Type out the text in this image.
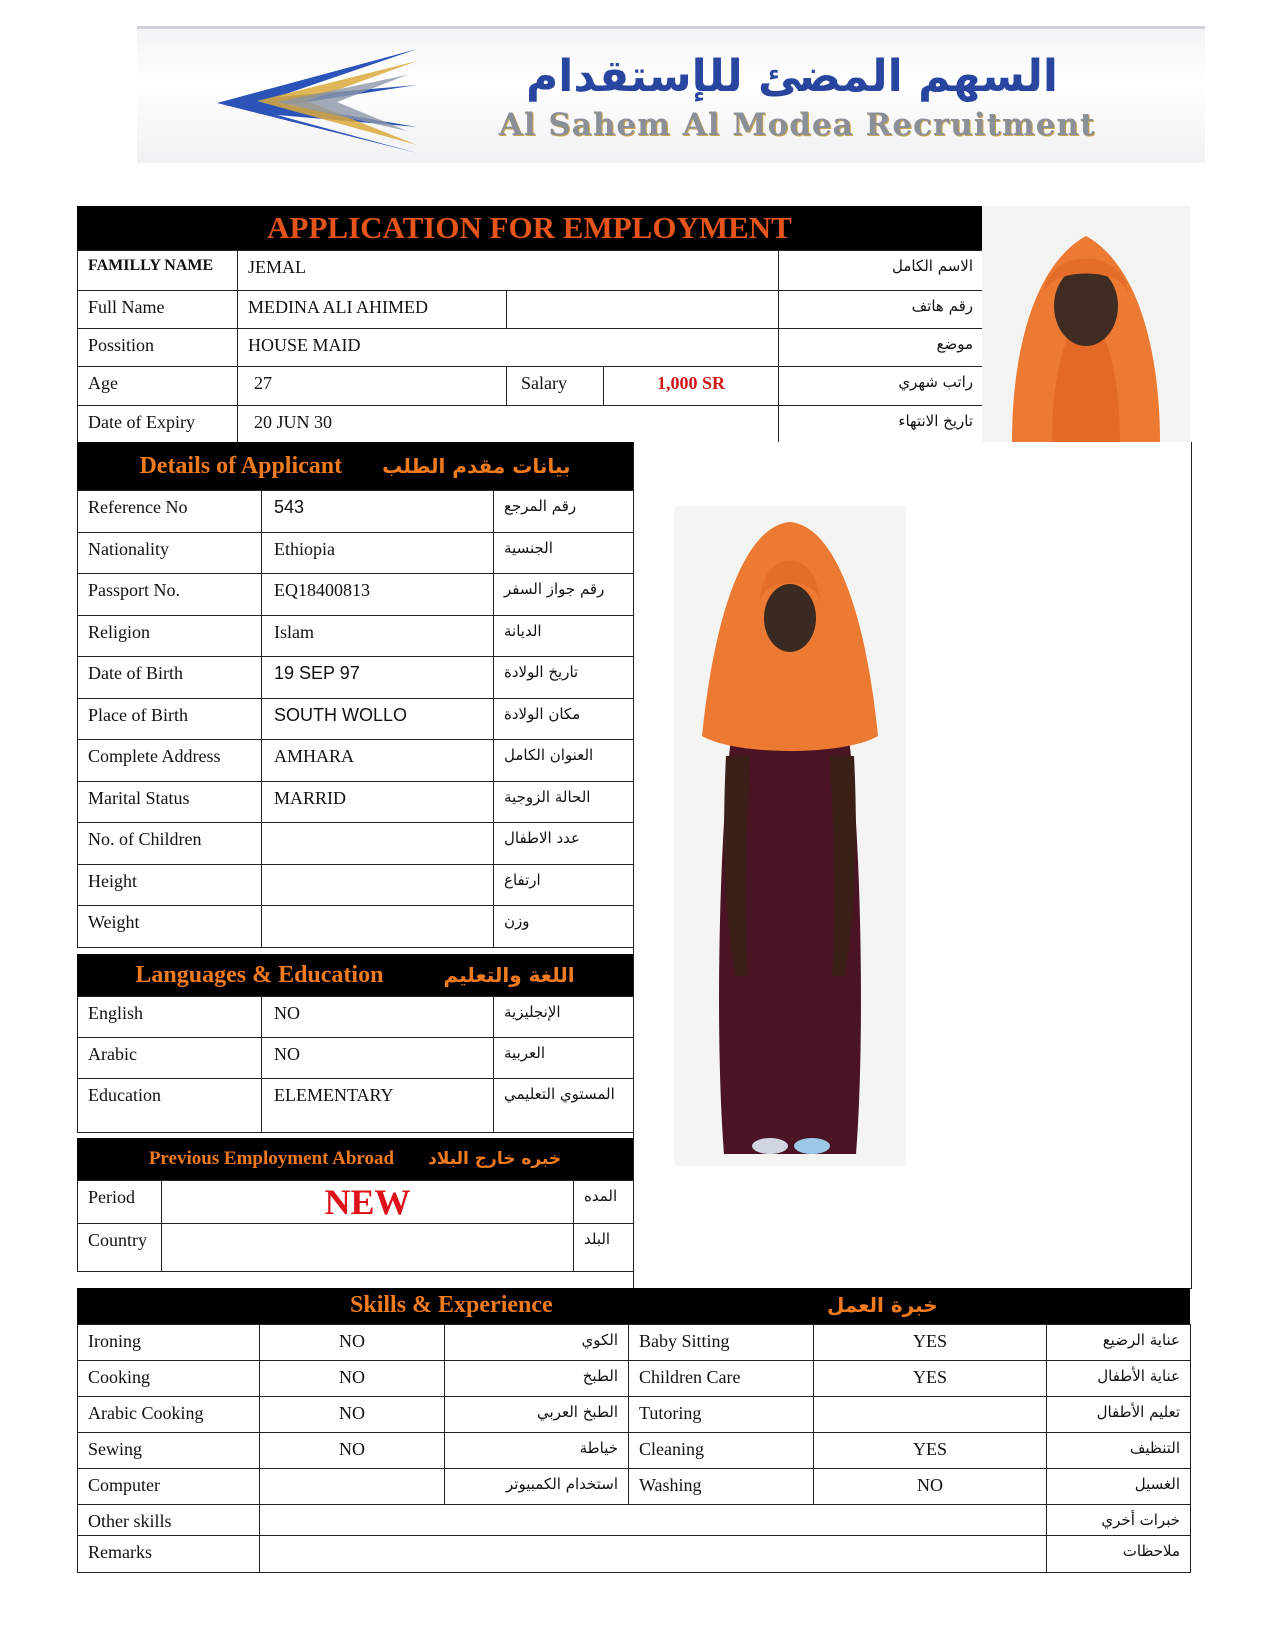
السهم المضئ للإستقدام
Al Sahem Al Modea Recruitment
APPLICATION FOR EMPLOYMENT
FAMILLY NAME	JEMAL		الاسم الكامل
Full Name	MEDINA ALI AHIMED		رقم هاتف
Possition	HOUSE MAID		موضع
Age	27	Salary 1,000 SR	راتب شهري
Date of Expiry	20 JUN 30		تاريخ الانتهاء
Details of Applicant بيانات مقدم الطلب
Reference No	543	رقم المرجع
Nationality	Ethiopia	الجنسية
Passport No.	EQ18400813	رقم جواز السفر
Religion	Islam	الديانة
Date of Birth	19 SEP 97	تاريخ الولادة
Place of Birth	SOUTH WOLLO	مكان الولادة
Complete Address	AMHARA	العنوان الكامل
Marital Status	MARRID	الحالة الزوجية
No. of Children		عدد الاطفال
Height		ارتفاع
Weight		وزن
Languages & Education	اللغة والتعليم
English	NO	الإنجليزية
Arabic	NO	العربية
Education	ELEMENTARY	المستوي التعليمي
Previous Employment Abroad خبره خارج البلاد
Period	NEW	المده
Country		البلد
Skills & Experience	خبرة العمل
Ironing	NO	الكوي	Baby Sitting	YES	عناية الرضيع
Cooking	NO	الطبخ	Children Care	YES	عناية الأطفال
Arabic Cooking	NO	الطبخ العربي	Tutoring		تعليم الأطفال
Sewing	NO	خياطة	Cleaning	YES	التنظيف
Computer		استخدام الكمبيوتر	Washing	NO	الغسيل
Other skills					خبرات أخري
Remarks					ملاحظات
